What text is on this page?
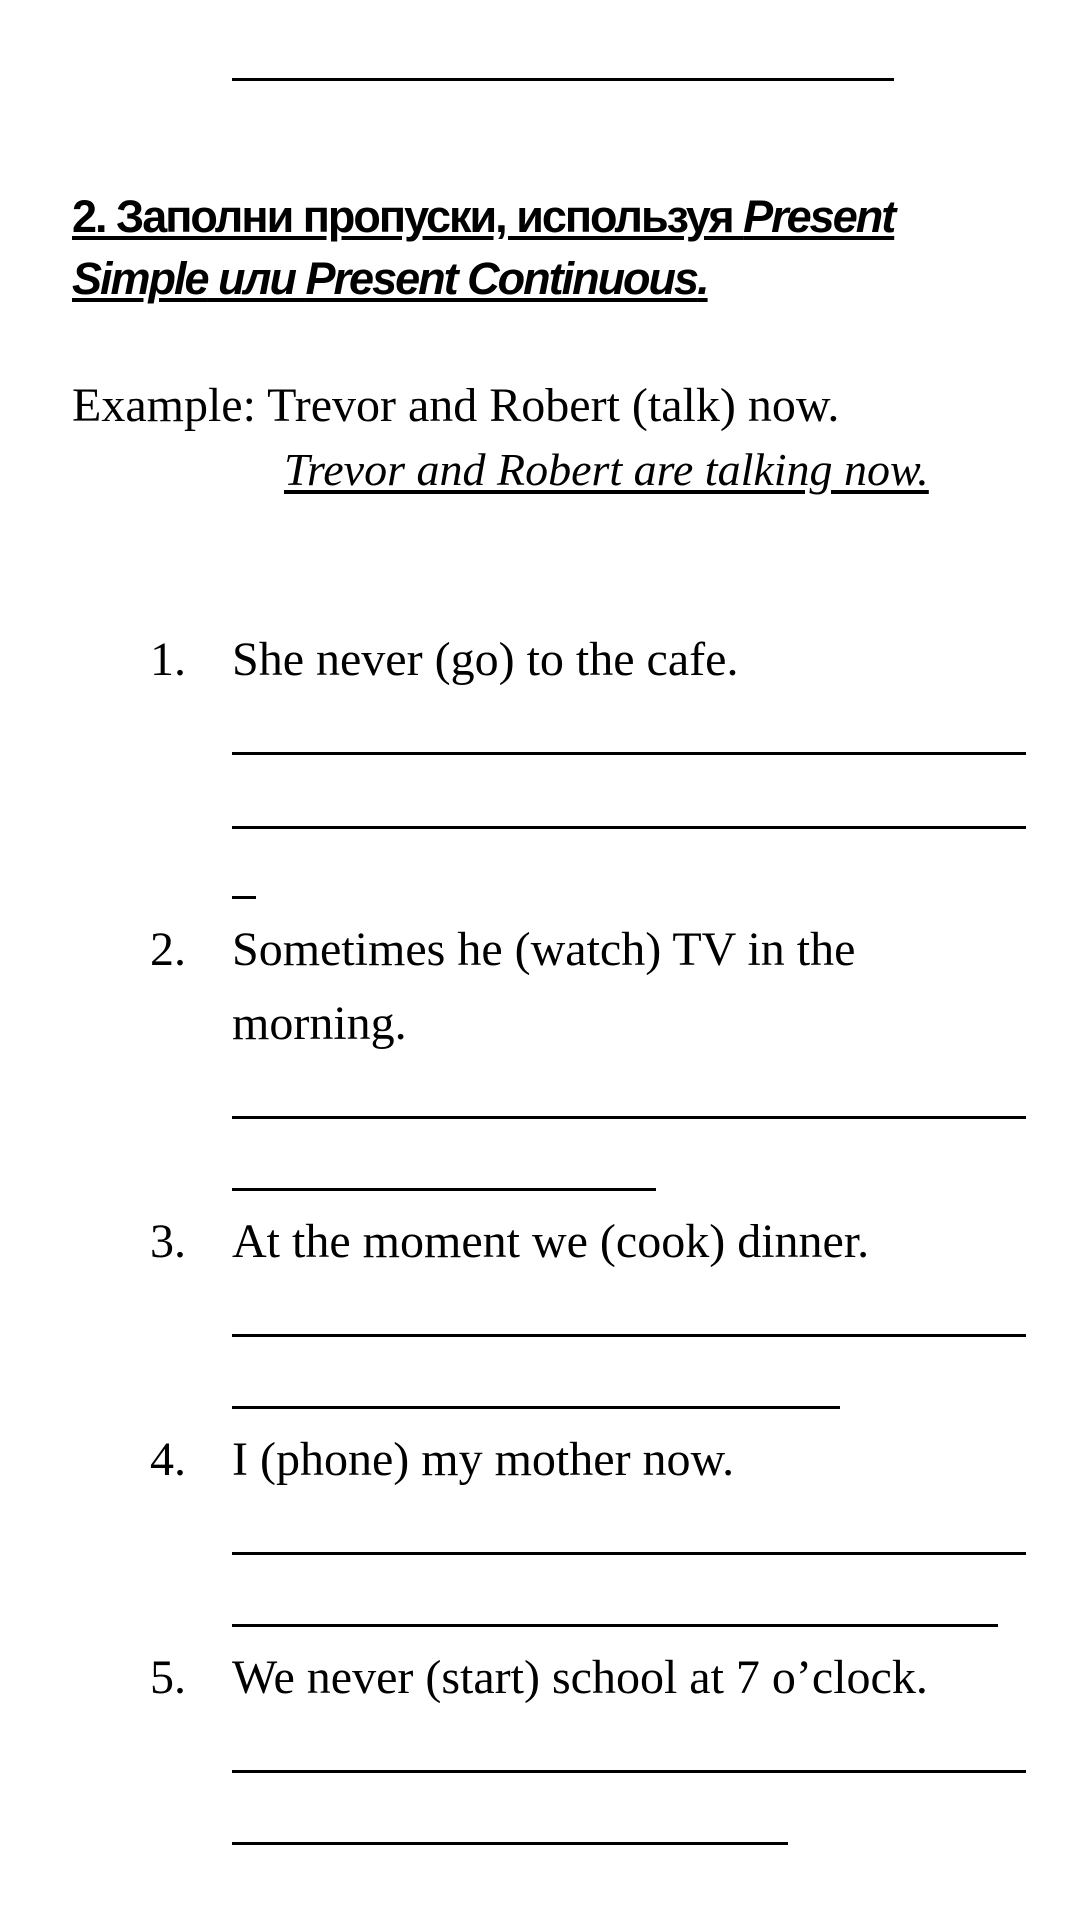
2. Заполни пропуски, используя Present Simple или Present Continuous.
Example: Trevor and Robert (talk) now.
Trevor and Robert are talking now.
1. She never (go) to the cafe.
2. Sometimes he (watch) TV in the morning.
3. At the moment we (cook) dinner.
4. I (phone) my mother now.
5. We never (start) school at 7 o’clock.
